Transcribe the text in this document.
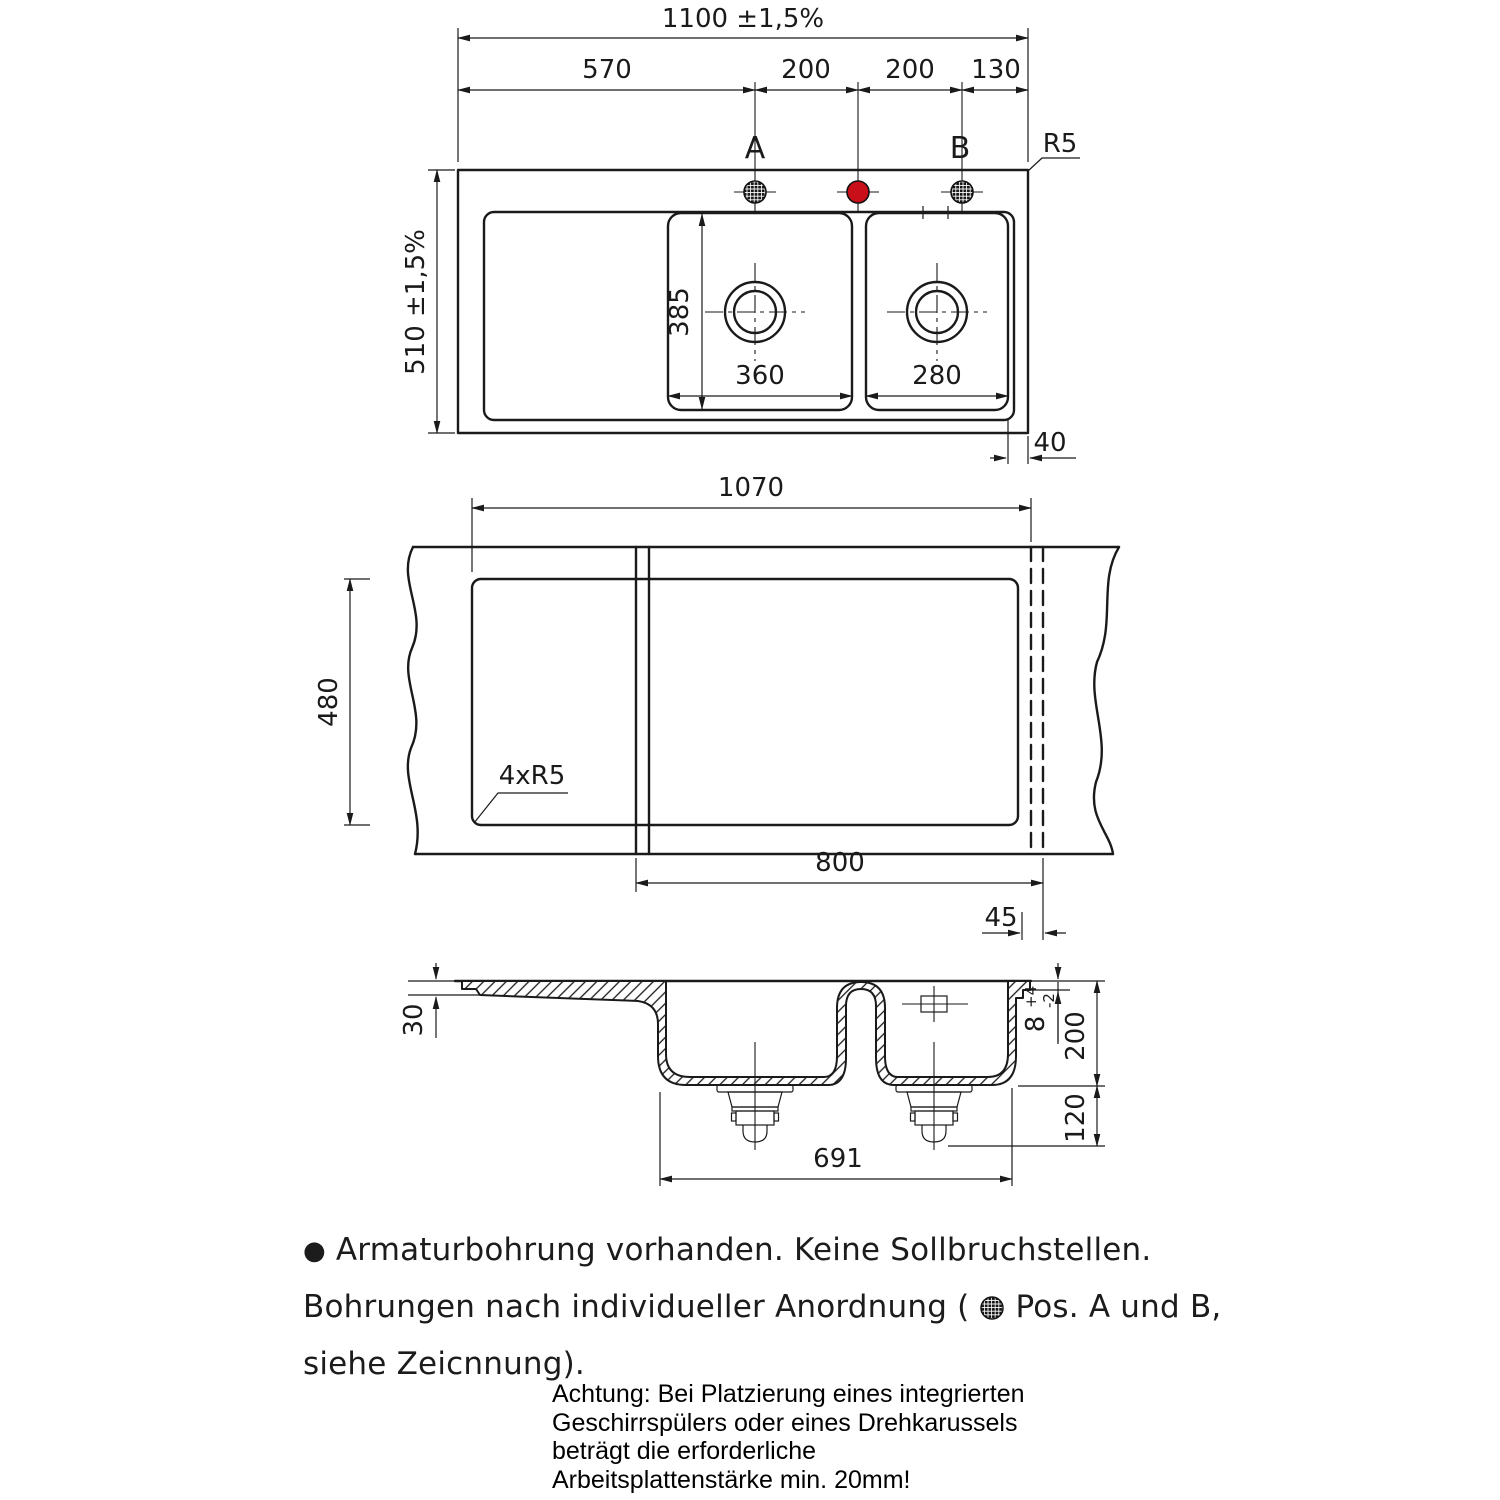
1100 ±1,5%
570	200 200 130
A	B	R5
510 ±1,5%	385
360	280
40
1070
480
4xR5
800
45
30	8
+4 -2
200
120
691
● Armaturbohrung vorhanden. Keine Sollbruchstellen.
Bohrungen nach individueller Anordnung ( Pos. A und B,
siehe Zeicnnung).
Achtung: Bei Platzierung eines integrierten
Geschirrspülers oder eines Drehkarussels
beträgt die erforderliche
Arbeitsplattenstärke min. 20mm!
